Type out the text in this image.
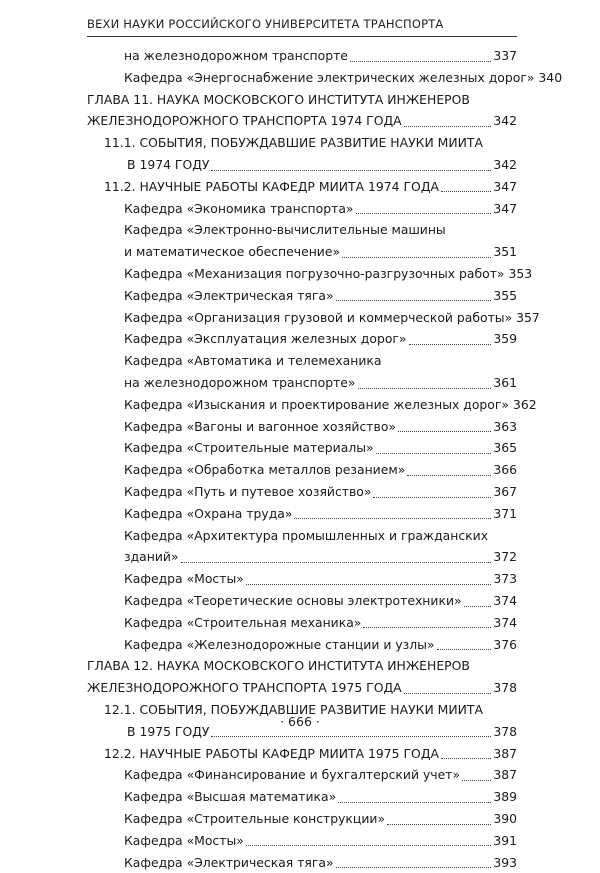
ВЕХИ НАУКИ РОССИЙСКОГО УНИВЕРСИТЕТА ТРАНСПОРТА
на железнодорожном транспорте	337
Кафедра «Энергоснабжение электрических железных дорог» 340
ГЛАВА 11. НАУКА МОСКОВСКОГО ИНСТИТУТА ИНЖЕНЕРОВ
ЖЕЛЕЗНОДОРОЖНОГО ТРАНСПОРТА 1974 ГОДА	342
11.1. СОБЫТИЯ, ПОБУЖДАВШИЕ РАЗВИТИЕ НАУКИ МИИТА
В 1974 ГОДУ	342
11.2. НАУЧНЫЕ РАБОТЫ КАФЕДР МИИТА 1974 ГОДА	347
Кафедра «Экономика транспорта»	347
Кафедра «Электронно-вычислительные машины
и математическое обеспечение»	351
Кафедра «Механизация погрузочно-разгрузочных работ» 353
Кафедра «Электрическая тяга»	355
Кафедра «Организация грузовой и коммерческой работы» 357
Кафедра «Эксплуатация железных дорог»	359
Кафедра «Автоматика и телемеханика
на железнодорожном транспорте»	361
Кафедра «Изыскания и проектирование железных дорог» 362
Кафедра «Вагоны и вагонное хозяйство»	363
Кафедра «Строительные материалы»	365
Кафедра «Обработка металлов резанием»	366
Кафедра «Путь и путевое хозяйство»	367
Кафедра «Охрана труда»	371
Кафедра «Архитектура промышленных и гражданских
зданий»	372
Кафедра «Мосты»	373
Кафедра «Теоретические основы электротехники»	374
Кафедра «Строительная механика»	374
Кафедра «Железнодорожные станции и узлы»	376
ГЛАВА 12. НАУКА МОСКОВСКОГО ИНСТИТУТА ИНЖЕНЕРОВ
ЖЕЛЕЗНОДОРОЖНОГО ТРАНСПОРТА 1975 ГОДА	378
12.1. СОБЫТИЯ, ПОБУЖДАВШИЕ РАЗВИТИЕ НАУКИ МИИТА
В 1975 ГОДУ	378
12.2. НАУЧНЫЕ РАБОТЫ КАФЕДР МИИТА 1975 ГОДА	387
Кафедра «Финансирование и бухгалтерский учет»	387
Кафедра «Высшая математика»	389
Кафедра «Строительные конструкции»	390
Кафедра «Мосты»	391
Кафедра «Электрическая тяга»	393
· 666 ·
